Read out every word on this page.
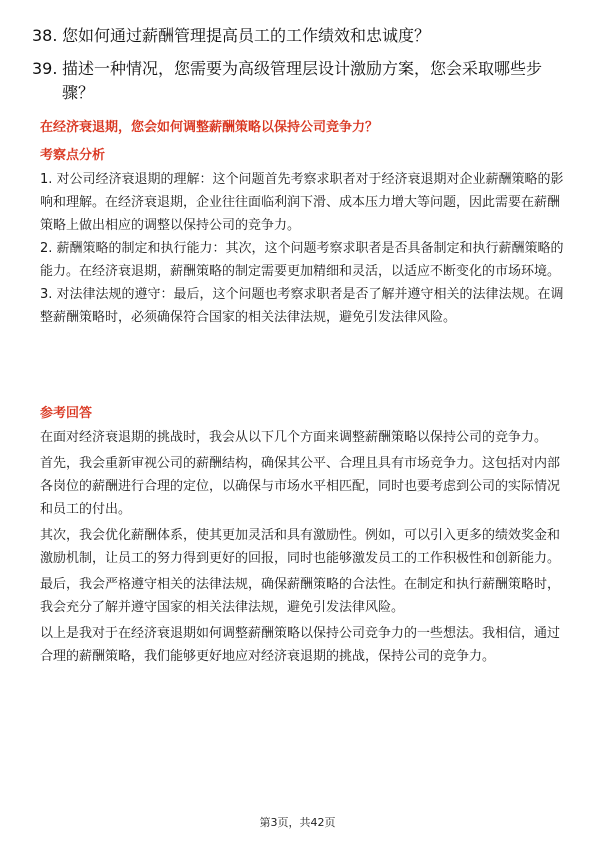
38. 您如何通过薪酬管理提高员工的工作绩效和忠诚度？
39. 描述一种情况，您需要为高级管理层设计激励方案，您会采取哪些步骤？
在经济衰退期，您会如何调整薪酬策略以保持公司竞争力？
考察点分析
1. 对公司经济衰退期的理解：这个问题首先考察求职者对于经济衰退期对企业薪酬策略的影响和理解。在经济衰退期，企业往往面临利润下滑、成本压力增大等问题，因此需要在薪酬策略上做出相应的调整以保持公司的竞争力。
2. 薪酬策略的制定和执行能力：其次，这个问题考察求职者是否具备制定和执行薪酬策略的能力。在经济衰退期，薪酬策略的制定需要更加精细和灵活，以适应不断变化的市场环境。
3. 对法律法规的遵守：最后，这个问题也考察求职者是否了解并遵守相关的法律法规。在调整薪酬策略时，必须确保符合国家的相关法律法规，避免引发法律风险。
参考回答
在面对经济衰退期的挑战时，我会从以下几个方面来调整薪酬策略以保持公司的竞争力。
首先，我会重新审视公司的薪酬结构，确保其公平、合理且具有市场竞争力。这包括对内部各岗位的薪酬进行合理的定位，以确保与市场水平相匹配，同时也要考虑到公司的实际情况和员工的付出。
其次，我会优化薪酬体系，使其更加灵活和具有激励性。例如，可以引入更多的绩效奖金和激励机制，让员工的努力得到更好的回报，同时也能够激发员工的工作积极性和创新能力。
最后，我会严格遵守相关的法律法规，确保薪酬策略的合法性。在制定和执行薪酬策略时，我会充分了解并遵守国家的相关法律法规，避免引发法律风险。
以上是我对于在经济衰退期如何调整薪酬策略以保持公司竞争力的一些想法。我相信，通过合理的薪酬策略，我们能够更好地应对经济衰退期的挑战，保持公司的竞争力。
第3页，共42页
